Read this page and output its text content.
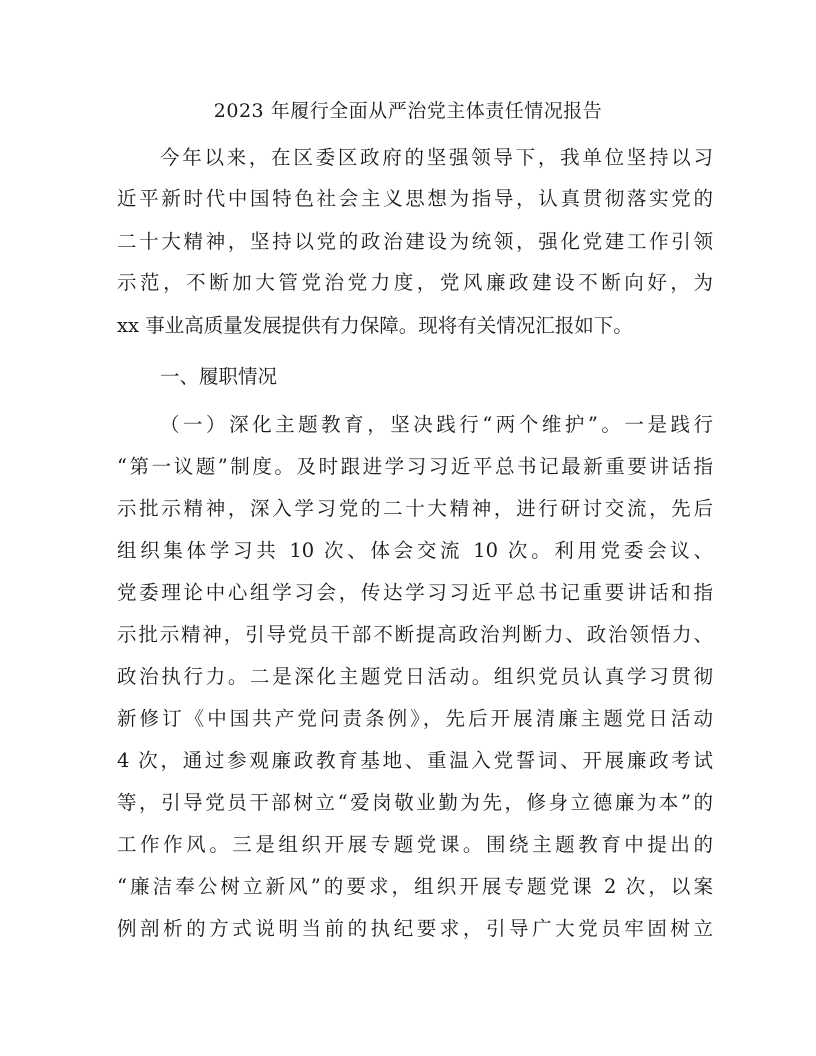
2023 年履行全面从严治党主体责任情况报告
今年以来，在区委区政府的坚强领导下，我单位坚持以习
近平新时代中国特色社会主义思想为指导，认真贯彻落实党的
二十大精神，坚持以党的政治建设为统领，强化党建工作引领
示范，不断加大管党治党力度，党风廉政建设不断向好，为
xx 事业高质量发展提供有力保障。现将有关情况汇报如下。
一、履职情况
（一）深化主题教育，坚决践行“两个维护”。一是践行
“第一议题”制度。及时跟进学习习近平总书记最新重要讲话指
示批示精神，深入学习党的二十大精神，进行研讨交流，先后
组织集体学习共 10 次、体会交流 10 次。利用党委会议、
党委理论中心组学习会，传达学习习近平总书记重要讲话和指
示批示精神，引导党员干部不断提高政治判断力、政治领悟力、
政治执行力。二是深化主题党日活动。组织党员认真学习贯彻
新修订《中国共产党问责条例》，先后开展清廉主题党日活动
4 次，通过参观廉政教育基地、重温入党誓词、开展廉政考试
等，引导党员干部树立“爱岗敬业勤为先，修身立德廉为本”的
工作作风。三是组织开展专题党课。围绕主题教育中提出的
“廉洁奉公树立新风”的要求，组织开展专题党课 2 次，以案
例剖析的方式说明当前的执纪要求，引导广大党员牢固树立
